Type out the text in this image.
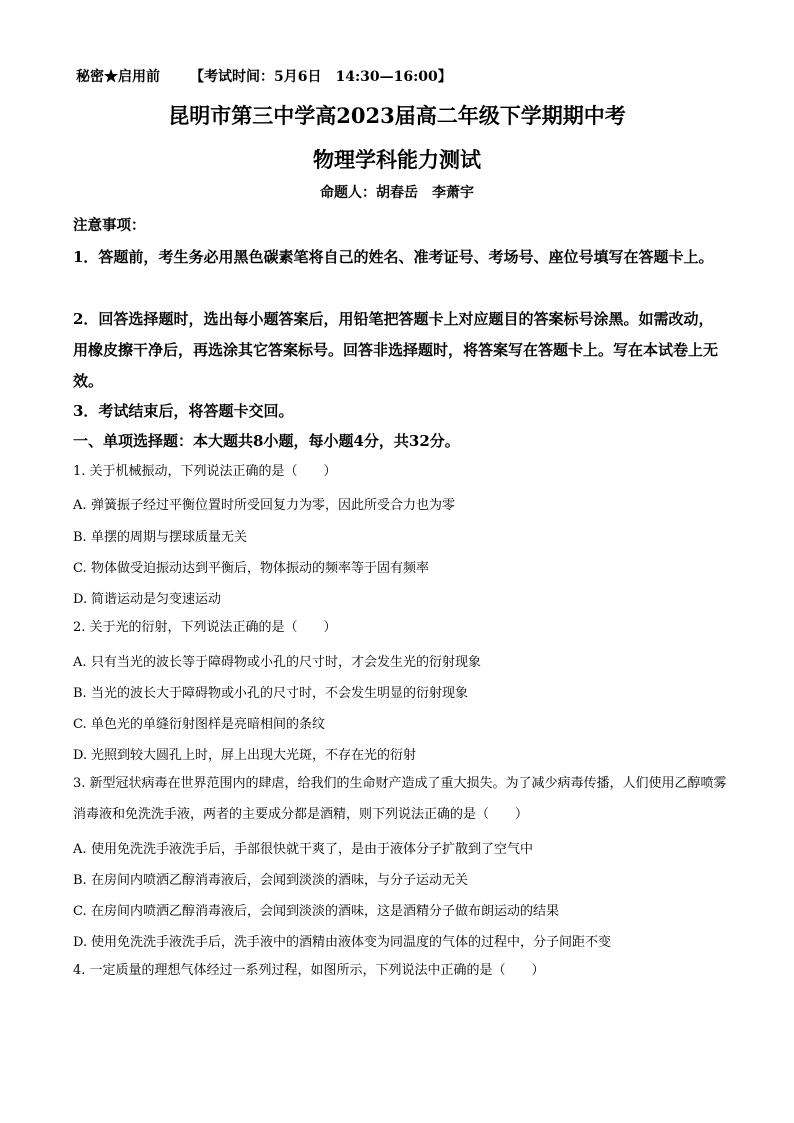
秘密★启用前 【考试时间：5月6日　14:30—16:00】
昆明市第三中学高2023届高二年级下学期期中考
物理学科能力测试
命题人：胡春岳　李萧宇
注意事项：
1．答题前，考生务必用黑色碳素笔将自己的姓名、准考证号、考场号、座位号填写在答题卡上。
2．回答选择题时，选出每小题答案后，用铅笔把答题卡上对应题目的答案标号涂黑。如需改动，用橡皮擦干净后，再选涂其它答案标号。回答非选择题时，将答案写在答题卡上。写在本试卷上无效。
3．考试结束后，将答题卡交回。
一、单项选择题：本大题共8小题，每小题4分，共32分。
1. 关于机械振动，下列说法正确的是（　　）
A. 弹簧振子经过平衡位置时所受回复力为零，因此所受合力也为零
B. 单摆的周期与摆球质量无关
C. 物体做受迫振动达到平衡后，物体振动的频率等于固有频率
D. 简谐运动是匀变速运动
2. 关于光的衍射，下列说法正确的是（　　）
A. 只有当光的波长等于障碍物或小孔的尺寸时，才会发生光的衍射现象
B. 当光的波长大于障碍物或小孔的尺寸时，不会发生明显的衍射现象
C. 单色光的单缝衍射图样是亮暗相间的条纹
D. 光照到较大圆孔上时，屏上出现大光斑，不存在光的衍射
3. 新型冠状病毒在世界范围内的肆虐，给我们的生命财产造成了重大损失。为了减少病毒传播，人们使用乙醇喷雾消毒液和免洗洗手液，两者的主要成分都是酒精，则下列说法正确的是（　　）
A. 使用免洗洗手液洗手后，手部很快就干爽了，是由于液体分子扩散到了空气中
B. 在房间内喷洒乙醇消毒液后，会闻到淡淡的酒味，与分子运动无关
C. 在房间内喷洒乙醇消毒液后，会闻到淡淡的酒味，这是酒精分子做布朗运动的结果
D. 使用免洗洗手液洗手后，洗手液中的酒精由液体变为同温度的气体的过程中，分子间距不变
4. 一定质量的理想气体经过一系列过程，如图所示，下列说法中正确的是（　　）
